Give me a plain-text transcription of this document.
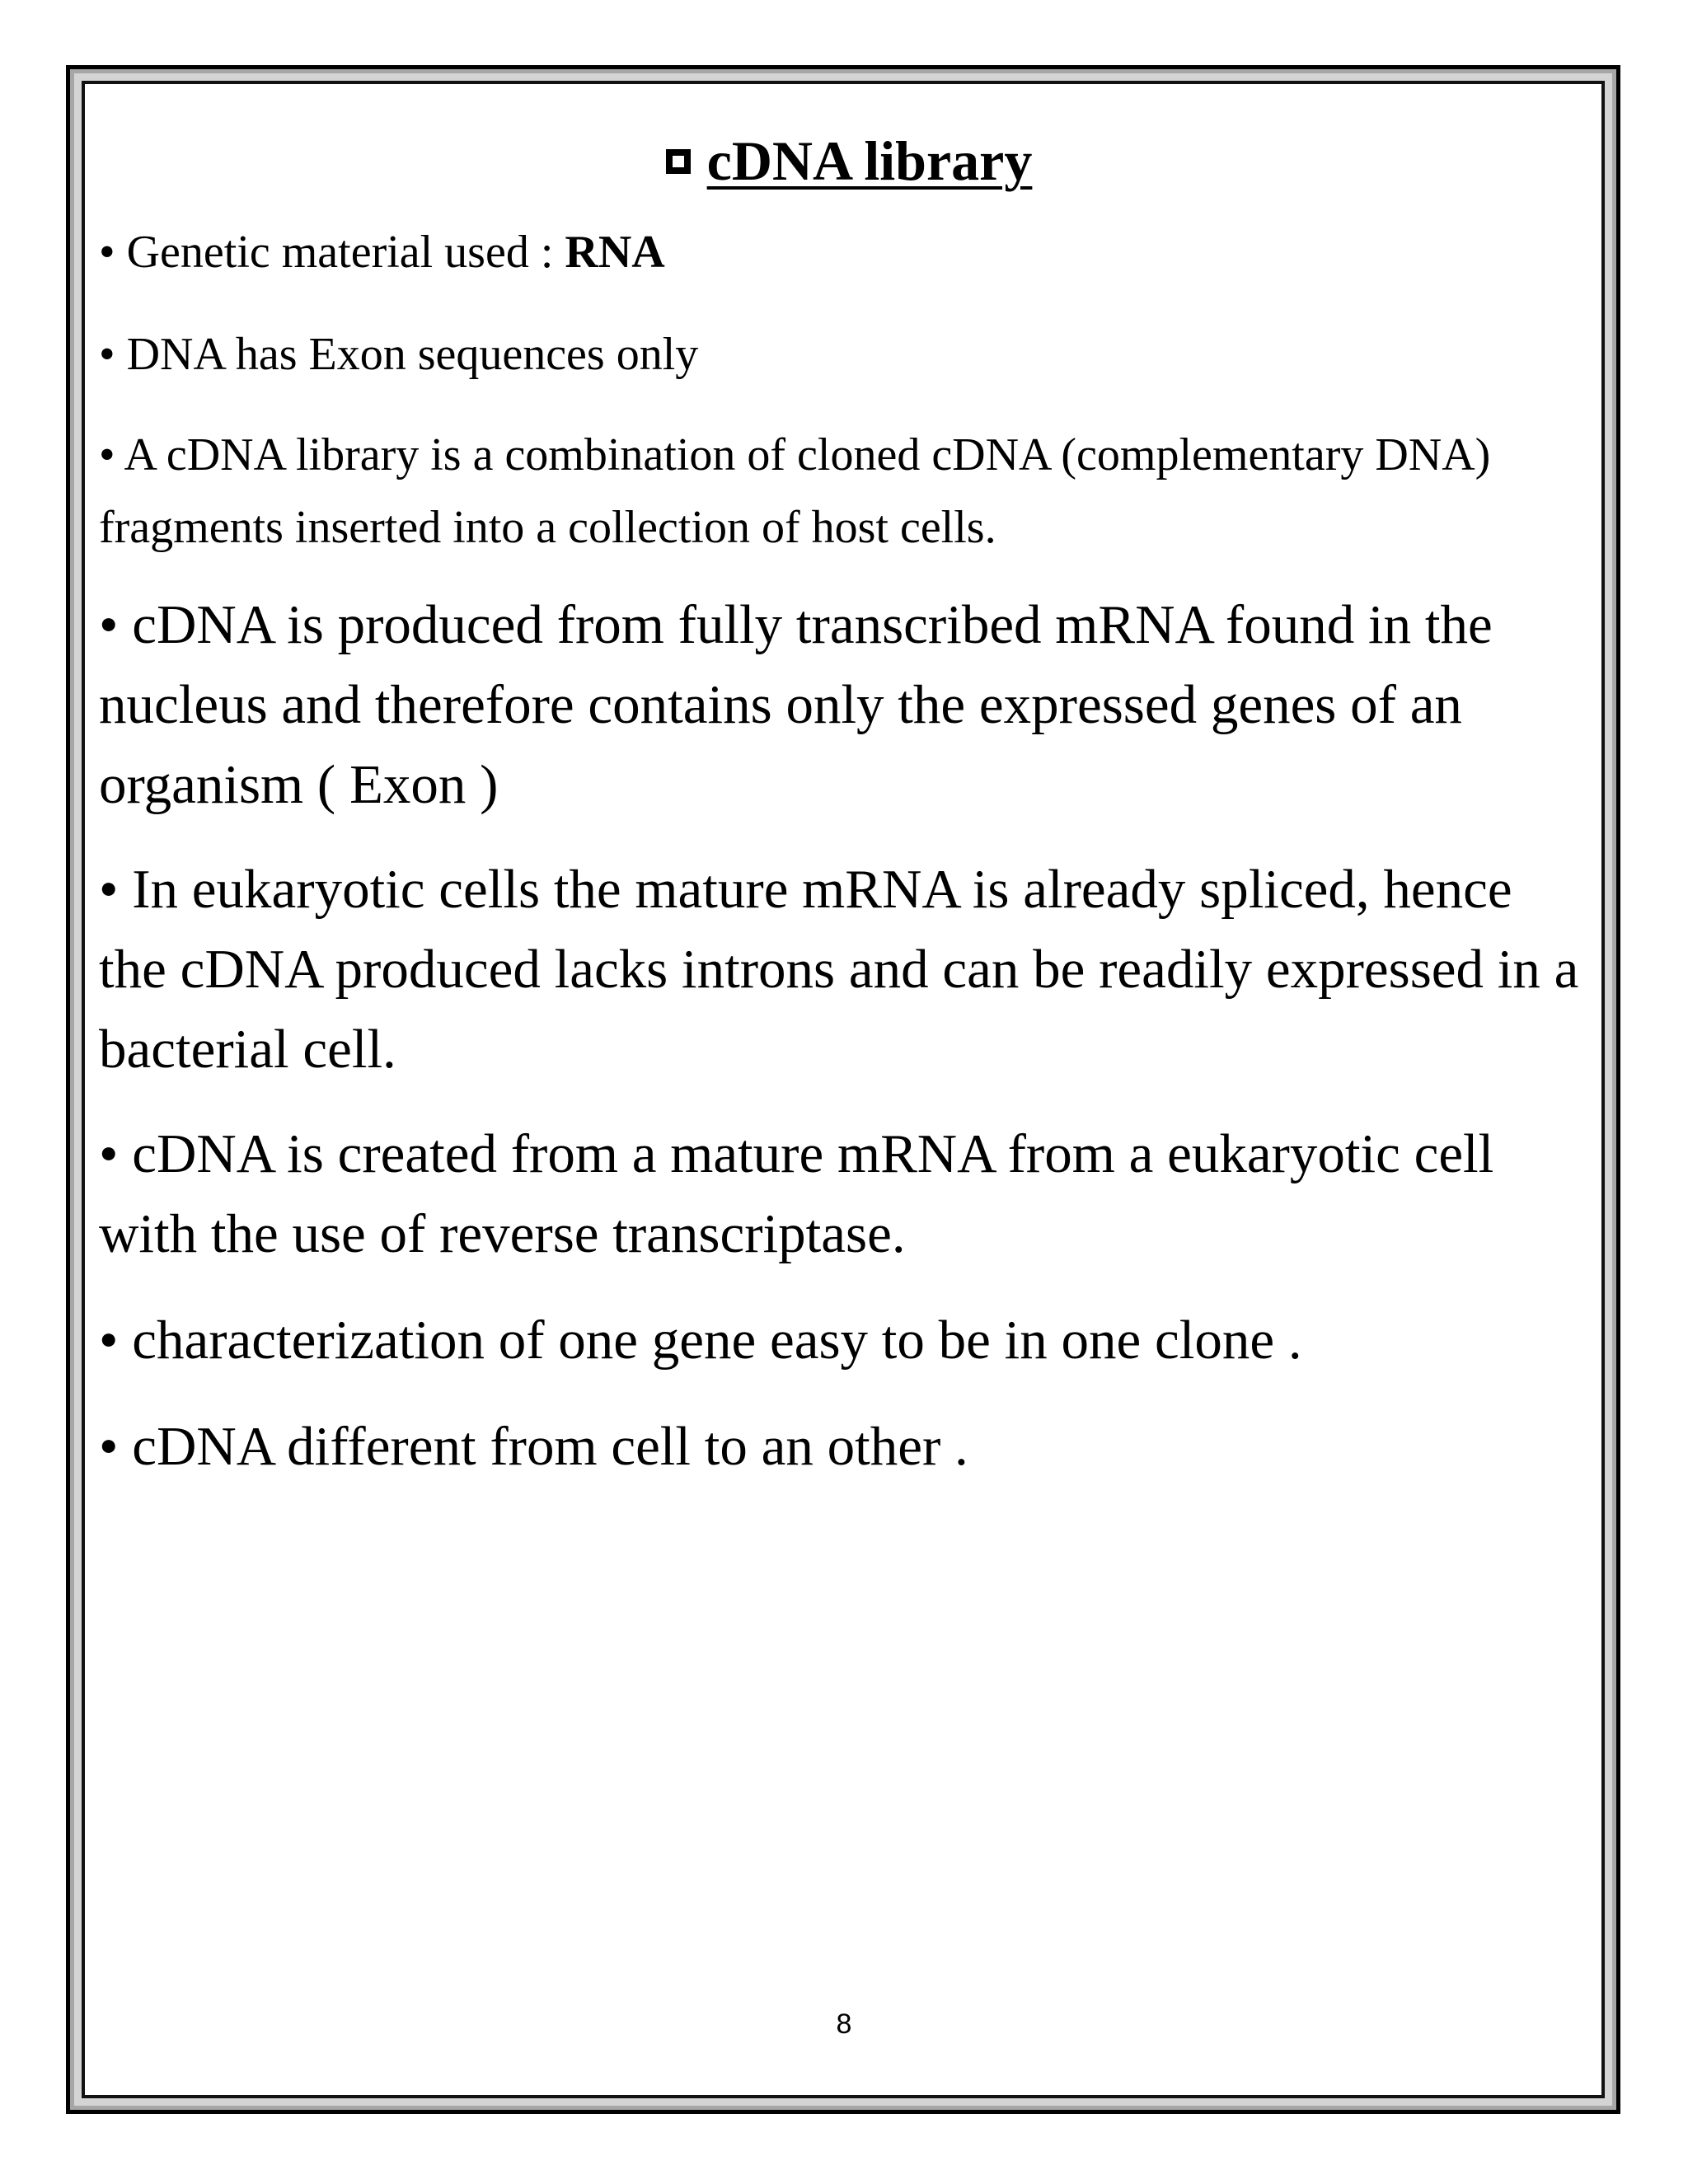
cDNA library

• Genetic material used : RNA

• DNA has Exon sequences only

• A cDNA library is a combination of cloned cDNA (complementary DNA) fragments inserted into a collection of host cells.

• cDNA is produced from fully transcribed mRNA found in the nucleus and therefore contains only the expressed genes of an organism ( Exon )

• In eukaryotic cells the mature mRNA is already spliced, hence the cDNA produced lacks introns and can be readily expressed in a bacterial cell.

• cDNA is created from a mature mRNA from a eukaryotic cell with the use of reverse transcriptase.

• characterization of one gene easy to be in one clone .

• cDNA different from cell to an other .

8
